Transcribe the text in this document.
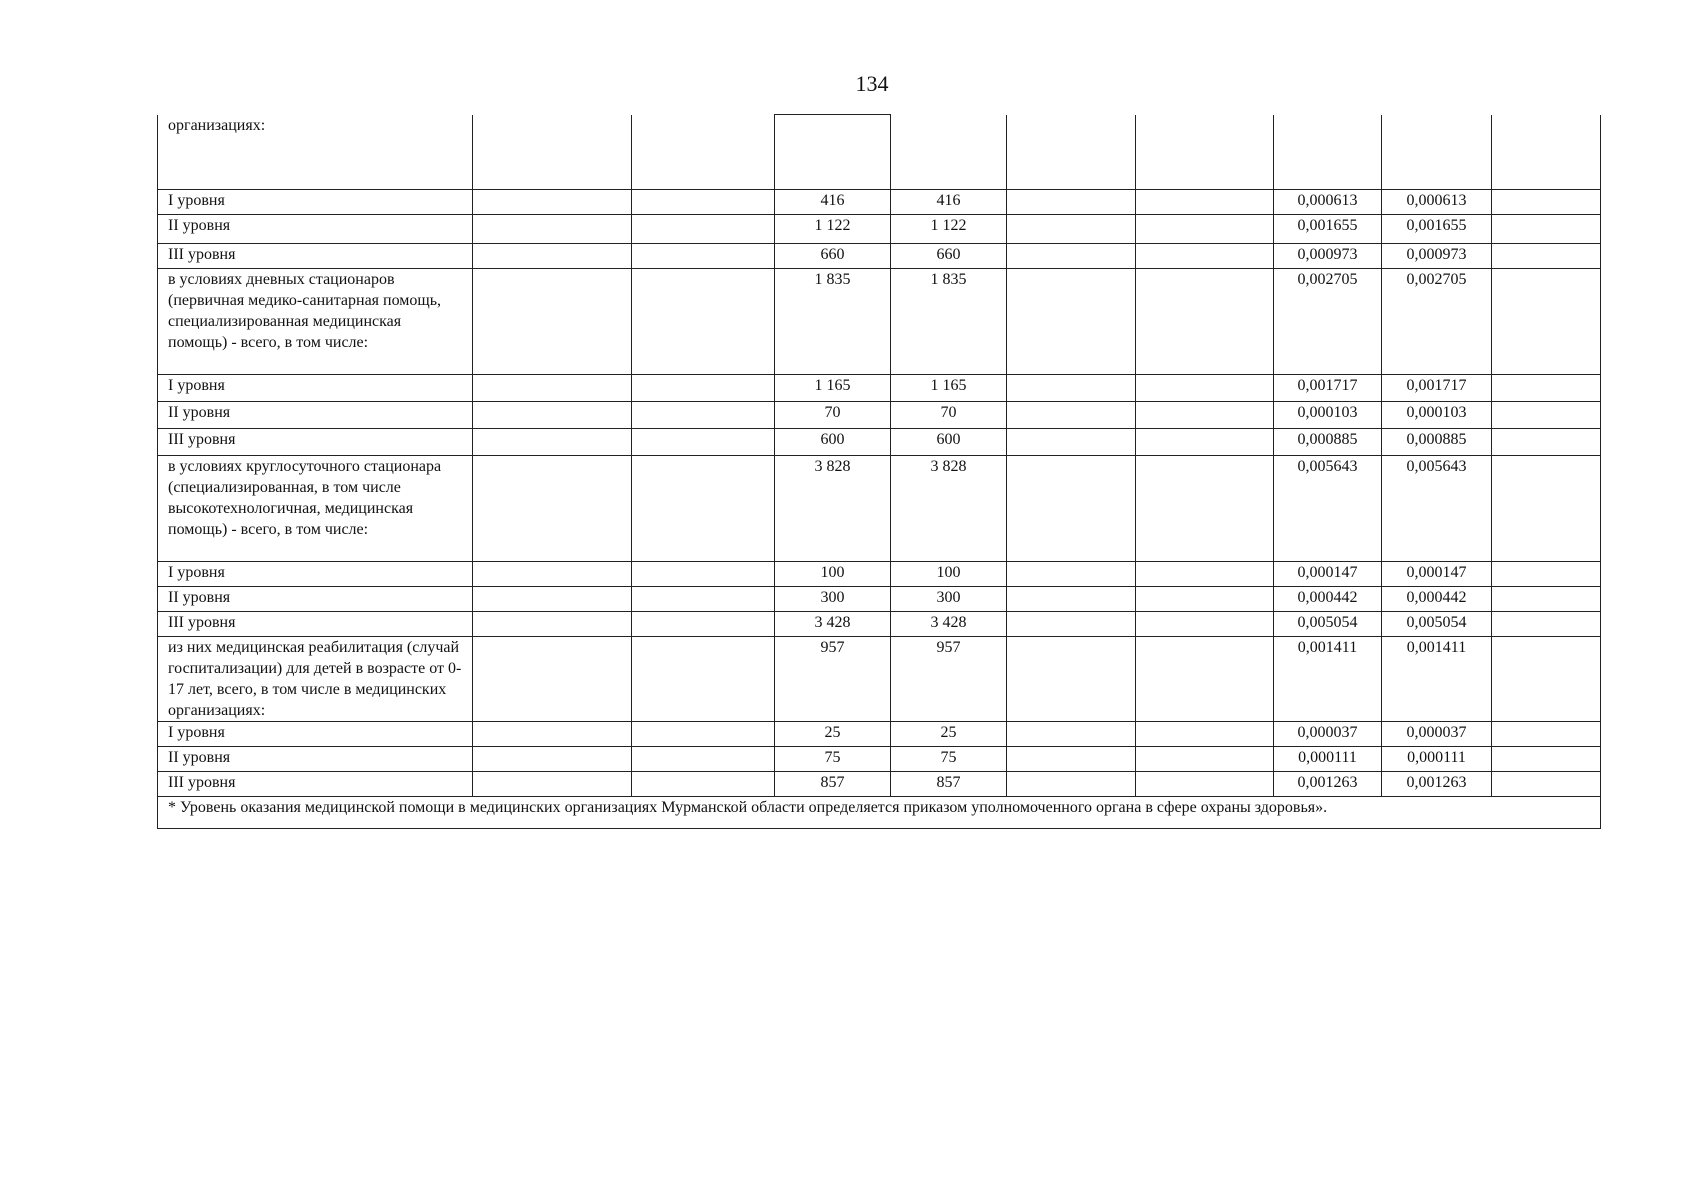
134
организациях:									
I уровня			416	416			0,000613	0,000613	
II уровня			1 122	1 122			0,001655	0,001655	
III уровня			660	660			0,000973	0,000973	
в условиях дневных стационаров (первичная медико-санитарная помощь, специализированная медицинская помощь) - всего, в том числе:			1 835	1 835			0,002705	0,002705	
I уровня			1 165	1 165			0,001717	0,001717	
II уровня			70	70			0,000103	0,000103	
III уровня			600	600			0,000885	0,000885	
в условиях круглосуточного стационара (специализированная, в том числе высокотехнологичная, медицинская помощь) - всего, в том числе:			3 828	3 828			0,005643	0,005643	
I уровня			100	100			0,000147	0,000147	
II уровня			300	300			0,000442	0,000442	
III уровня			3 428	3 428			0,005054	0,005054	
из них медицинская реабилитация (случай госпитализации) для детей в возрасте от 0-17 лет, всего, в том числе в медицинских организациях:			957	957			0,001411	0,001411	
I уровня			25	25			0,000037	0,000037	
II уровня			75	75			0,000111	0,000111	
III уровня			857	857			0,001263	0,001263	
* Уровень оказания медицинской помощи в медицинских организациях Мурманской области определяется приказом уполномоченного органа в сфере охраны здоровья».									
